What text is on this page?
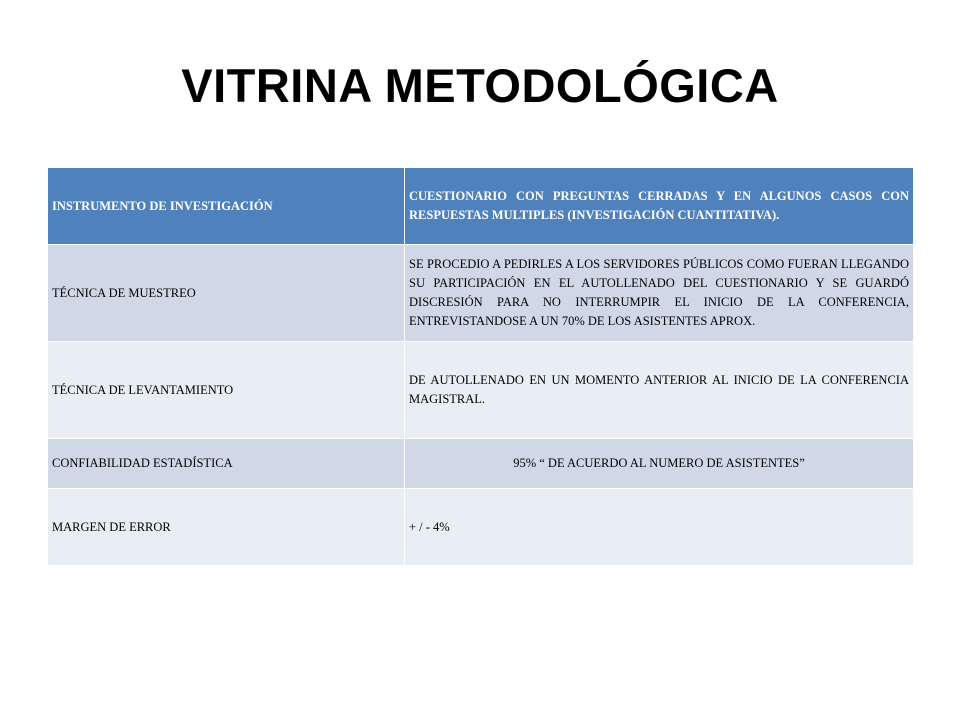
VITRINA METODOLÓGICA
INSTRUMENTO DE INVESTIGACIÓN	CUESTIONARIO CON PREGUNTAS CERRADAS Y EN ALGUNOS CASOS CON RESPUESTAS MULTIPLES (INVESTIGACIÓN CUANTITATIVA).
TÉCNICA DE MUESTREO	SE PROCEDIO A PEDIRLES A LOS SERVIDORES PÚBLICOS COMO FUERAN LLEGANDO SU PARTICIPACIÓN EN EL AUTOLLENADO DEL CUESTIONARIO Y SE GUARDÓ DISCRESIÓN PARA NO INTERRUMPIR EL INICIO DE LA CONFERENCIA, ENTREVISTANDOSE A UN 70% DE LOS ASISTENTES APROX.
TÉCNICA DE LEVANTAMIENTO	DE AUTOLLENADO EN UN MOMENTO ANTERIOR AL INICIO DE LA CONFERENCIA MAGISTRAL.
CONFIABILIDAD ESTADÍSTICA	95% “ DE ACUERDO AL NUMERO DE ASISTENTES”
MARGEN DE ERROR	+ / - 4%
